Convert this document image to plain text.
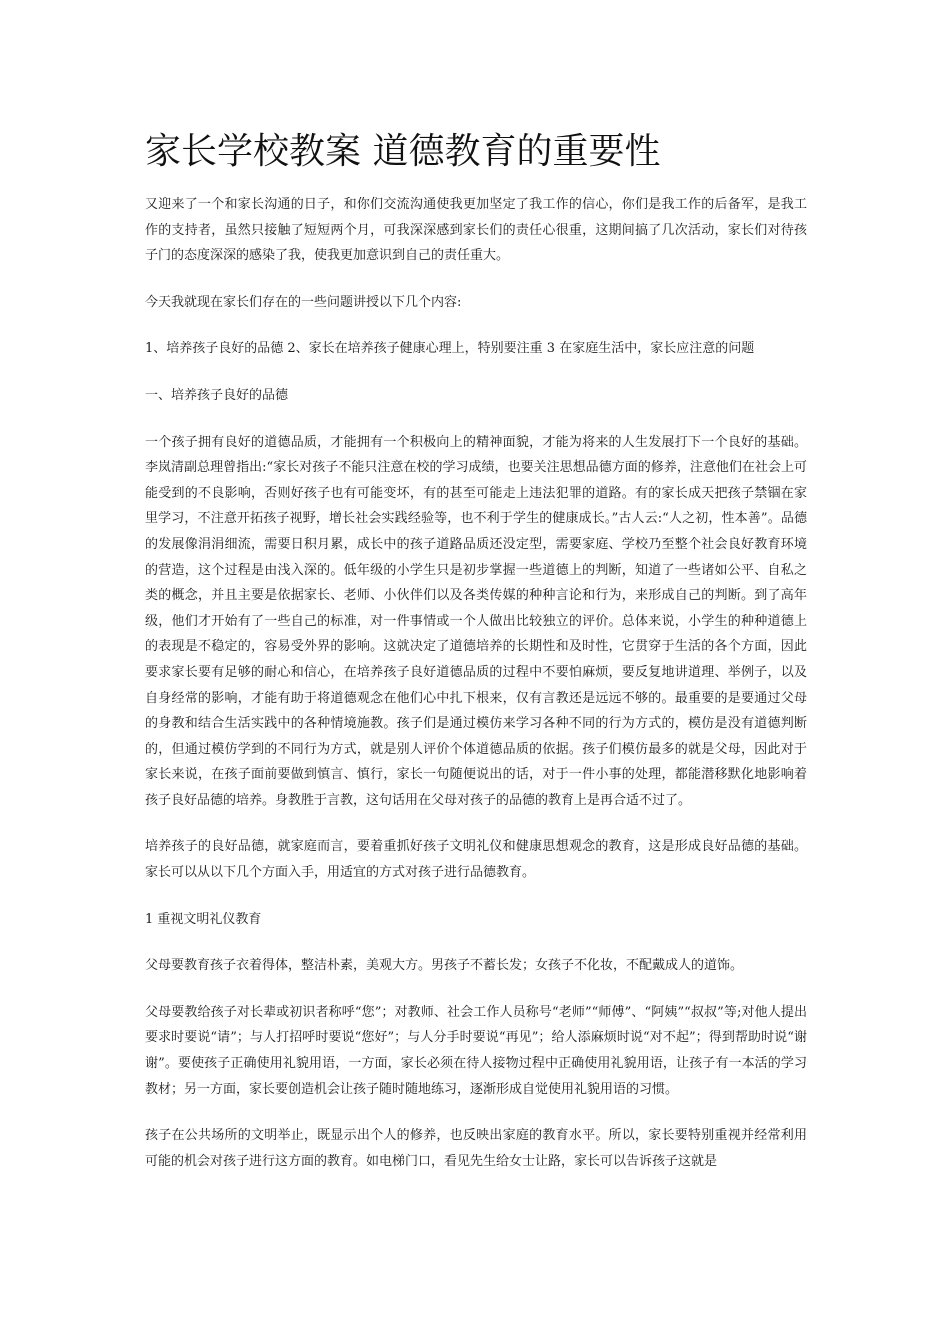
家长学校教案 道德教育的重要性

又迎来了一个和家长沟通的日子，和你们交流沟通使我更加坚定了我工作的信心，你们是我工作的后备军，是我工作的支持者，虽然只接触了短短两个月，可我深深感到家长们的责任心很重，这期间搞了几次活动，家长们对待孩子门的态度深深的感染了我，使我更加意识到自己的责任重大。

今天我就现在家长们存在的一些问题讲授以下几个内容:

1、培养孩子良好的品德 2、家长在培养孩子健康心理上，特别要注重 3 在家庭生活中，家长应注意的问题

一、培养孩子良好的品德

一个孩子拥有良好的道德品质，才能拥有一个积极向上的精神面貌，才能为将来的人生发展打下一个良好的基础。李岚清副总理曾指出:“家长对孩子不能只注意在校的学习成绩，也要关注思想品德方面的修养，注意他们在社会上可能受到的不良影响，否则好孩子也有可能变坏，有的甚至可能走上违法犯罪的道路。有的家长成天把孩子禁锢在家里学习，不注意开拓孩子视野，增长社会实践经验等，也不利于学生的健康成长。”古人云:“人之初，性本善”。品德的发展像涓涓细流，需要日积月累，成长中的孩子道路品质还没定型，需要家庭、学校乃至整个社会良好教育环境的营造，这个过程是由浅入深的。低年级的小学生只是初步掌握一些道德上的判断，知道了一些诸如公平、自私之类的概念，并且主要是依据家长、老师、小伙伴们以及各类传媒的种种言论和行为，来形成自己的判断。到了高年级，他们才开始有了一些自己的标准，对一件事情或一个人做出比较独立的评价。总体来说，小学生的种种道德上的表现是不稳定的，容易受外界的影响。这就决定了道德培养的长期性和及时性，它贯穿于生活的各个方面，因此要求家长要有足够的耐心和信心，在培养孩子良好道德品质的过程中不要怕麻烦，要反复地讲道理、举例子，以及自身经常的影响，才能有助于将道德观念在他们心中扎下根来，仅有言教还是远远不够的。最重要的是要通过父母的身教和结合生活实践中的各种情境施教。孩子们是通过模仿来学习各种不同的行为方式的，模仿是没有道德判断的，但通过模仿学到的不同行为方式，就是别人评价个体道德品质的依据。孩子们模仿最多的就是父母，因此对于家长来说，在孩子面前要做到慎言、慎行，家长一句随便说出的话，对于一件小事的处理，都能潜移默化地影响着孩子良好品德的培养。身教胜于言教，这句话用在父母对孩子的品德的教育上是再合适不过了。

培养孩子的良好品德，就家庭而言，要着重抓好孩子文明礼仪和健康思想观念的教育，这是形成良好品德的基础。家长可以从以下几个方面入手，用适宜的方式对孩子进行品德教育。

1 重视文明礼仪教育

父母要教育孩子衣着得体，整洁朴素，美观大方。男孩子不蓄长发；女孩子不化妆，不配戴成人的道饰。

父母要教给孩子对长辈或初识者称呼“您”；对教师、社会工作人员称号“老师”“师傅”、“阿姨”“叔叔”等;对他人提出要求时要说“请”；与人打招呼时要说“您好”；与人分手时要说“再见”；给人添麻烦时说“对不起”；得到帮助时说“谢谢”。要使孩子正确使用礼貌用语，一方面，家长必须在待人接物过程中正确使用礼貌用语，让孩子有一本活的学习教材；另一方面，家长要创造机会让孩子随时随地练习，逐渐形成自觉使用礼貌用语的习惯。

孩子在公共场所的文明举止，既显示出个人的修养，也反映出家庭的教育水平。所以，家长要特别重视并经常利用可能的机会对孩子进行这方面的教育。如电梯门口，看见先生给女士让路，家长可以告诉孩子这就是
